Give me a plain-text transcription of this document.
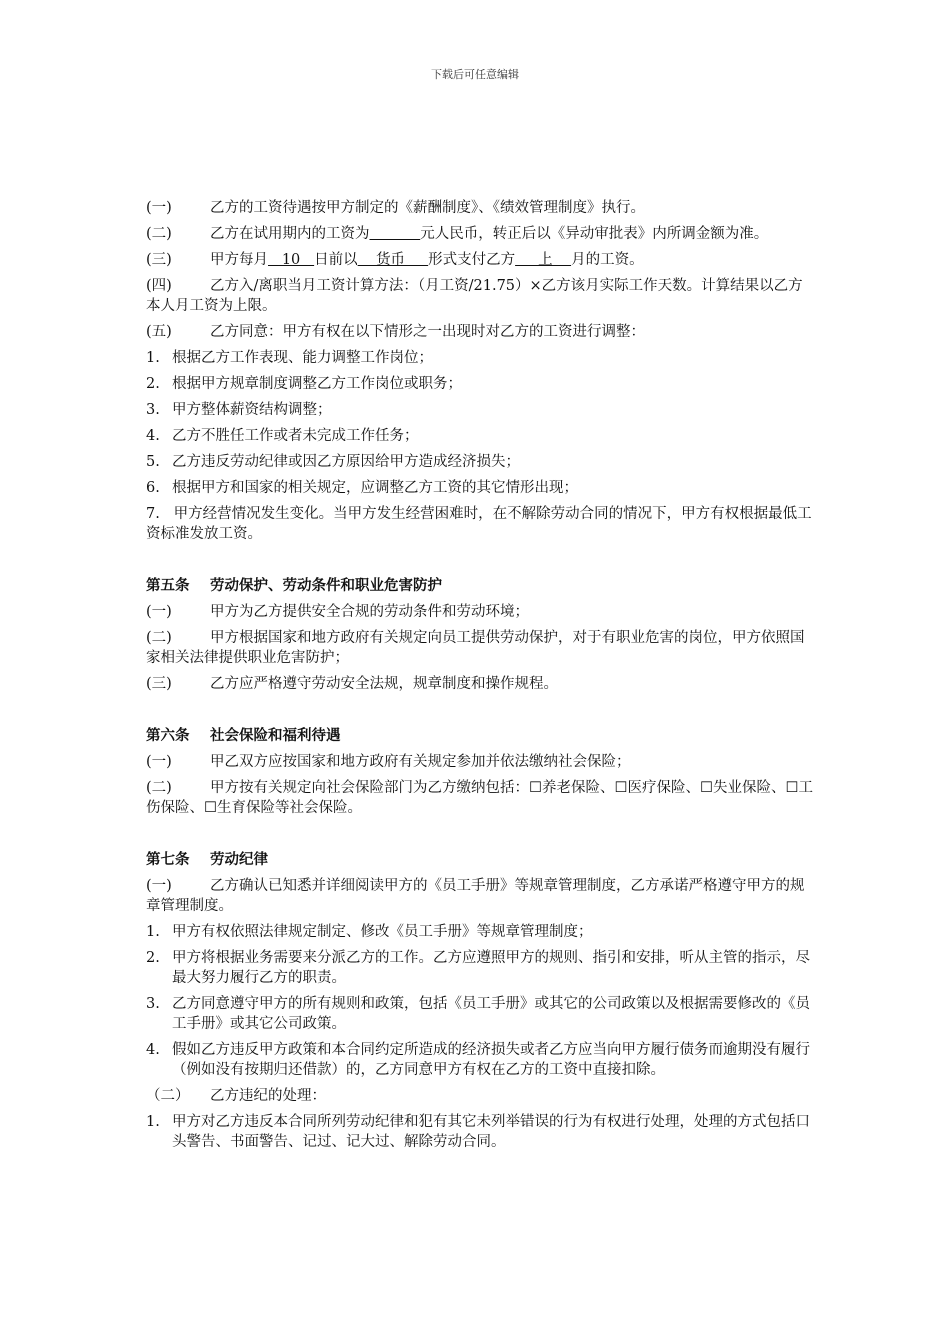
下载后可任意编辑
(一)	乙方的工资待遇按甲方制定的《薪酬制度》、《绩效管理制度》执行。
(二)	乙方在试用期内的工资为	元人民币，转正后以《异动审批表》内所调金额为准。
(三)	甲方每月   10   日前以    货币     形式支付乙方     上    月的工资。
(四)	乙方入/离职当月工资计算方法：（月工资/21.75）×乙方该月实际工作天数。计算结果以乙方本人月工资为上限。
(五)	乙方同意：甲方有权在以下情形之一出现时对乙方的工资进行调整：
1. 根据乙方工作表现、能力调整工作岗位；
2. 根据甲方规章制度调整乙方工作岗位或职务；
3. 甲方整体薪资结构调整；
4. 乙方不胜任工作或者未完成工作任务；
5. 乙方违反劳动纪律或因乙方原因给甲方造成经济损失；
6. 根据甲方和国家的相关规定，应调整乙方工资的其它情形出现；
7. 甲方经营情况发生变化。当甲方发生经营困难时，在不解除劳动合同的情况下，甲方有权根据最低工资标准发放工资。
第五条 劳动保护、劳动条件和职业危害防护
(一)	甲方为乙方提供安全合规的劳动条件和劳动环境；
(二)	甲方根据国家和地方政府有关规定向员工提供劳动保护，对于有职业危害的岗位，甲方依照国家相关法律提供职业危害防护；
(三)	乙方应严格遵守劳动安全法规，规章制度和操作规程。
第六条 社会保险和福利待遇
(一)	甲乙双方应按国家和地方政府有关规定参加并依法缴纳社会保险；
(二)	甲方按有关规定向社会保险部门为乙方缴纳包括：☐养老保险、☐医疗保险、☐失业保险、☐工伤保险、☐生育保险等社会保险。
第七条 劳动纪律
(一)	乙方确认已知悉并详细阅读甲方的《员工手册》等规章管理制度，乙方承诺严格遵守甲方的规章管理制度。
1. 甲方有权依照法律规定制定、修改《员工手册》等规章管理制度；
2. 甲方将根据业务需要来分派乙方的工作。乙方应遵照甲方的规则、指引和安排，听从主管的指示，尽最大努力履行乙方的职责。
3. 乙方同意遵守甲方的所有规则和政策，包括《员工手册》或其它的公司政策以及根据需要修改的《员工手册》或其它公司政策。
4. 假如乙方违反甲方政策和本合同约定所造成的经济损失或者乙方应当向甲方履行债务而逾期没有履行（例如没有按期归还借款）的，乙方同意甲方有权在乙方的工资中直接扣除。
（二） 乙方违纪的处理：
1. 甲方对乙方违反本合同所列劳动纪律和犯有其它未列举错误的行为有权进行处理，处理的方式包括口头警告、书面警告、记过、记大过、解除劳动合同。
